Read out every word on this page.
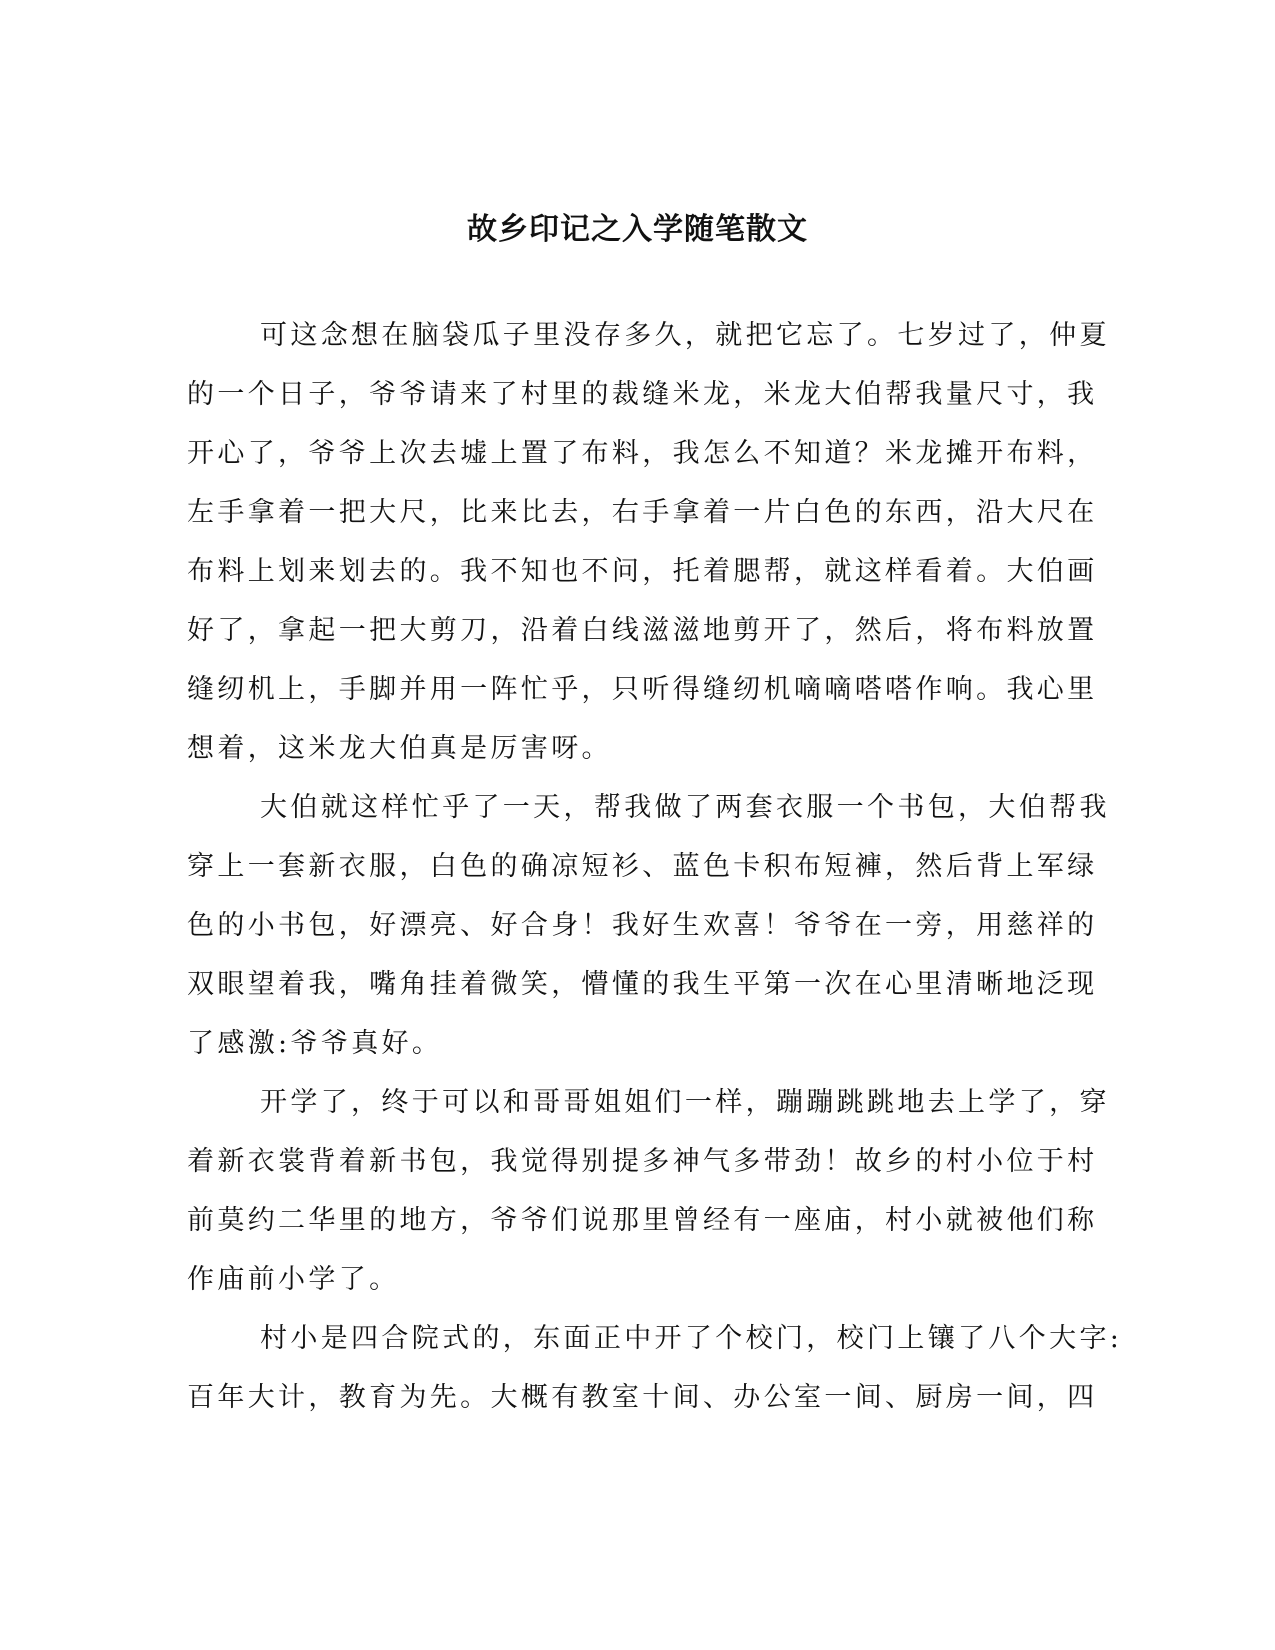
故乡印记之入学随笔散文
可这念想在脑袋瓜子里没存多久，就把它忘了。七岁过了，仲夏
的一个日子，爷爷请来了村里的裁缝米龙，米龙大伯帮我量尺寸，我
开心了，爷爷上次去墟上置了布料，我怎么不知道？米龙摊开布料，
左手拿着一把大尺，比来比去，右手拿着一片白色的东西，沿大尺在
布料上划来划去的。我不知也不问，托着腮帮，就这样看着。大伯画
好了，拿起一把大剪刀，沿着白线滋滋地剪开了，然后，将布料放置
缝纫机上，手脚并用一阵忙乎，只听得缝纫机嘀嘀嗒嗒作响。我心里
想着，这米龙大伯真是厉害呀。
大伯就这样忙乎了一天，帮我做了两套衣服一个书包，大伯帮我
穿上一套新衣服，白色的确凉短衫、蓝色卡积布短褲，然后背上军绿
色的小书包，好漂亮、好合身！我好生欢喜！爷爷在一旁，用慈祥的
双眼望着我，嘴角挂着微笑，懵懂的我生平第一次在心里清晰地泛现
了感激:爷爷真好。
开学了，终于可以和哥哥姐姐们一样，蹦蹦跳跳地去上学了，穿
着新衣裳背着新书包，我觉得别提多神气多带劲！故乡的村小位于村
前莫约二华里的地方，爷爷们说那里曾经有一座庙，村小就被他们称
作庙前小学了。
村小是四合院式的，东面正中开了个校门，校门上镶了八个大字:
百年大计，教育为先。大概有教室十间、办公室一间、厨房一间，四
